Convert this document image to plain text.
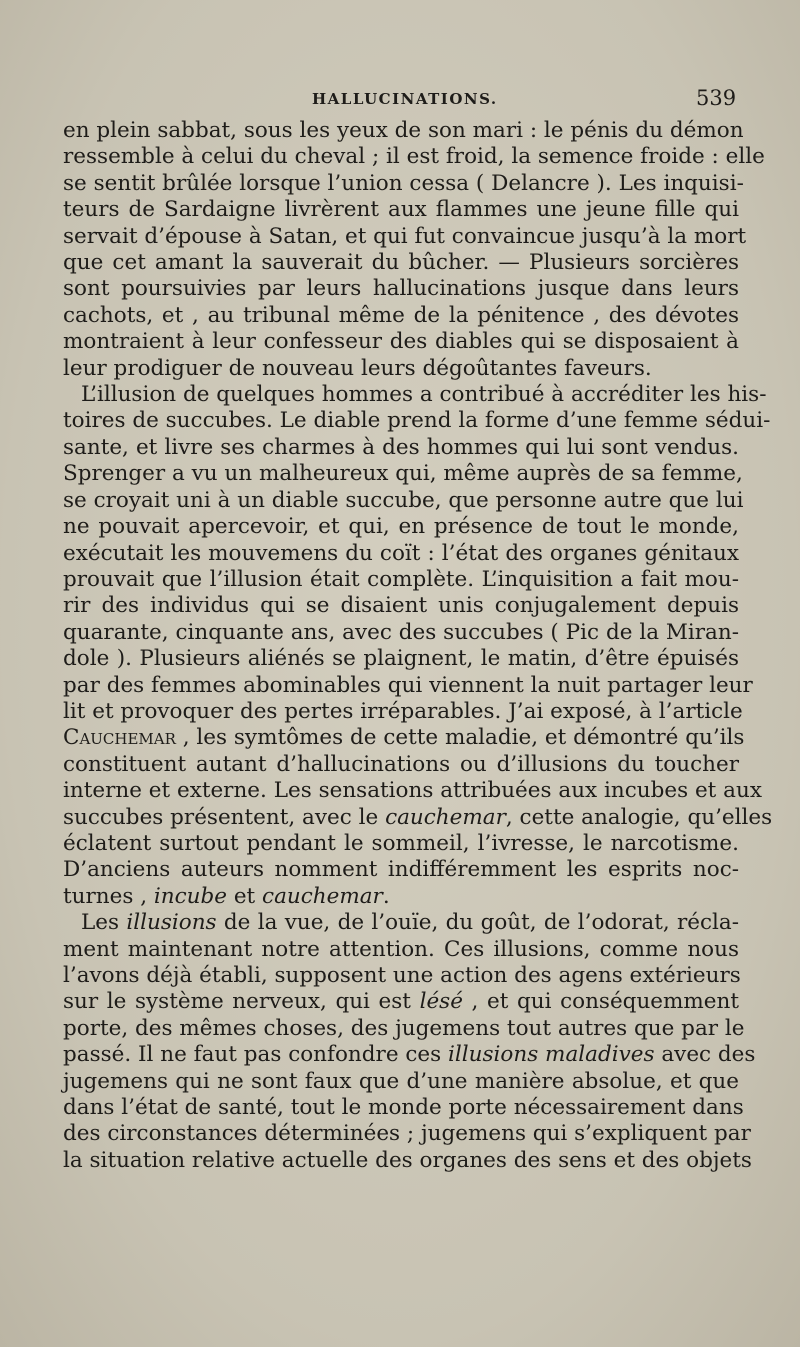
HALLUCINATIONS.	539
en plein sabbat, sous les yeux de son mari : le pénis du démon
ressemble à celui du cheval ; il est froid, la semence froide : elle
se sentit brûlée lorsque l’union cessa ( Delancre ). Les inquisi-
teurs de Sardaigne livrèrent aux flammes une jeune fille qui
servait d’épouse à Satan, et qui fut convaincue jusqu’à la mort
que cet amant la sauverait du bûcher. — Plusieurs sorcières
sont poursuivies par leurs hallucinations jusque dans leurs
cachots, et , au tribunal même de la pénitence , des dévotes
montraient à leur confesseur des diables qui se disposaient à
leur prodiguer de nouveau leurs dégoûtantes faveurs.
L’illusion de quelques hommes a contribué à accréditer les his-
toires de succubes. Le diable prend la forme d’une femme sédui-
sante, et livre ses charmes à des hommes qui lui sont vendus.
Sprenger a vu un malheureux qui, même auprès de sa femme,
se croyait uni à un diable succube, que personne autre que lui
ne pouvait apercevoir, et qui, en présence de tout le monde,
exécutait les mouvemens du coït : l’état des organes génitaux
prouvait que l’illusion était complète. L’inquisition a fait mou-
rir des individus qui se disaient unis conjugalement depuis
quarante, cinquante ans, avec des succubes ( Pic de la Miran-
dole ). Plusieurs aliénés se plaignent, le matin, d’être épuisés
par des femmes abominables qui viennent la nuit partager leur
lit et provoquer des pertes irréparables. J’ai exposé, à l’article
Cauchemar , les symtômes de cette maladie, et démontré qu’ils
constituent autant d’hallucinations ou d’illusions du toucher
interne et externe. Les sensations attribuées aux incubes et aux
succubes présentent, avec le cauchemar, cette analogie, qu’elles
éclatent surtout pendant le sommeil, l’ivresse, le narcotisme.
D’anciens auteurs nomment indifféremment les esprits noc-
turnes , incube et cauchemar.
Les illusions de la vue, de l’ouïe, du goût, de l’odorat, récla-
ment maintenant notre attention. Ces illusions, comme nous
l’avons déjà établi, supposent une action des agens extérieurs
sur le système nerveux, qui est lésé , et qui conséquemment
porte, des mêmes choses, des jugemens tout autres que par le
passé. Il ne faut pas confondre ces illusions maladives avec des
jugemens qui ne sont faux que d’une manière absolue, et que
dans l’état de santé, tout le monde porte nécessairement dans
des circonstances déterminées ; jugemens qui s’expliquent par
la situation relative actuelle des organes des sens et des objets
